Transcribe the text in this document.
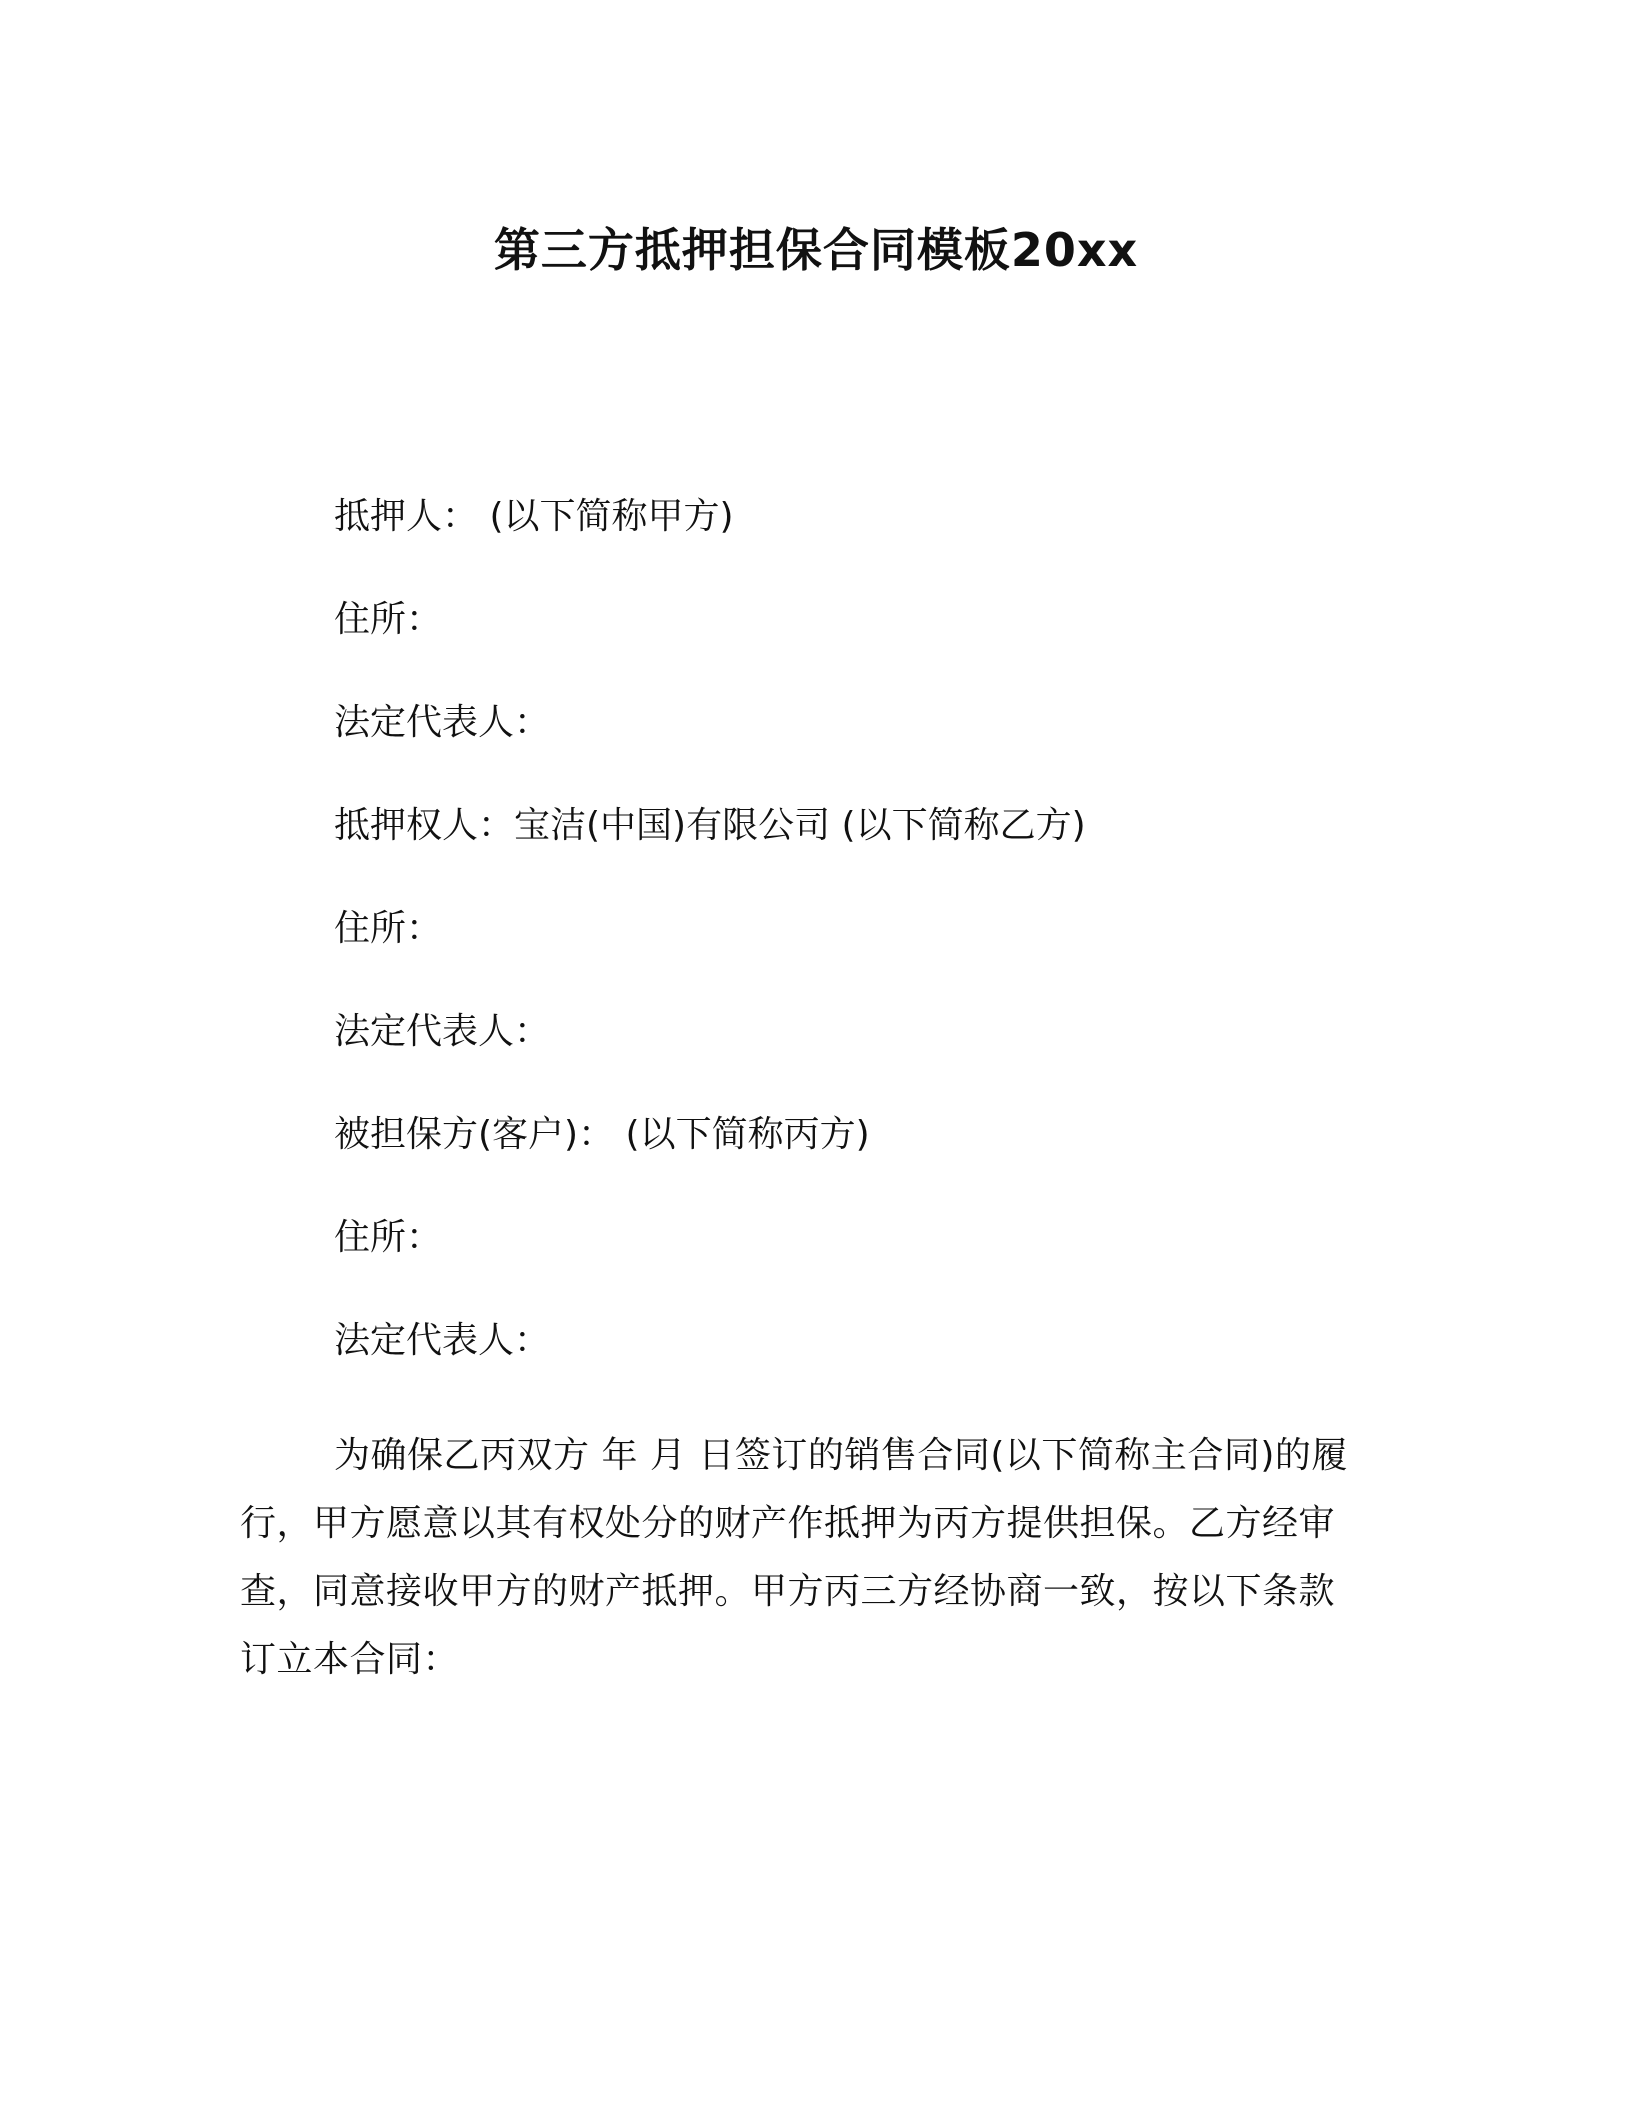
第三方抵押担保合同模板20xx
抵押人： (以下简称甲方)
住所：
法定代表人：
抵押权人：宝洁(中国)有限公司 (以下简称乙方)
住所：
法定代表人：
被担保方(客户)： (以下简称丙方)
住所：
法定代表人：
为确保乙丙双方 年 月 日签订的销售合同(以下简称主合同)的履
行，甲方愿意以其有权处分的财产作抵押为丙方提供担保。乙方经审
查，同意接收甲方的财产抵押。甲方丙三方经协商一致，按以下条款
订立本合同：
